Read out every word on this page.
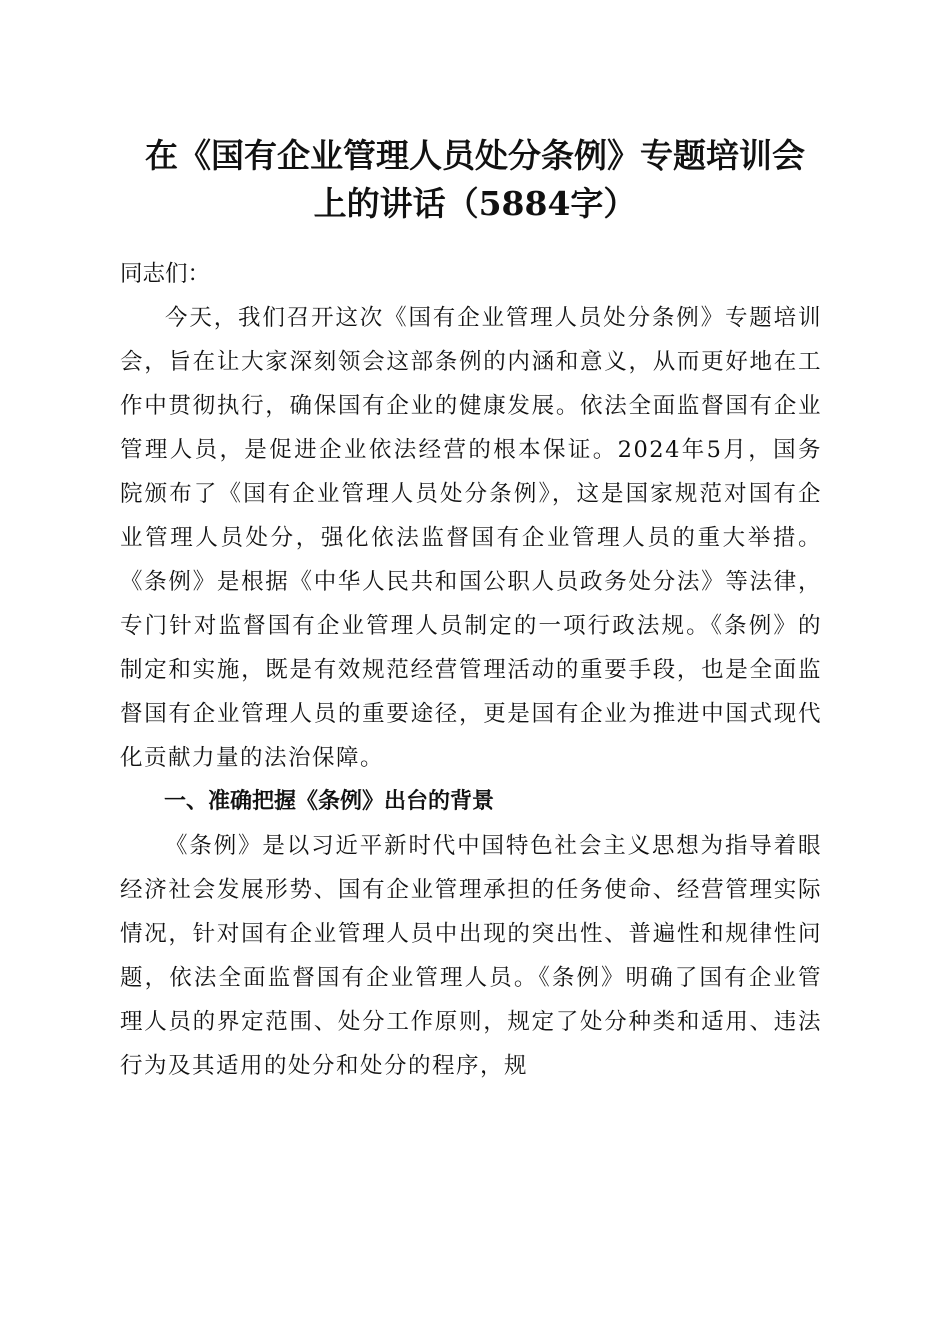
在《国有企业管理人员处分条例》专题培训会
上的讲话（5884字）

同志们：

今天，我们召开这次《国有企业管理人员处分条例》专题培训会，旨在让大家深刻领会这部条例的内涵和意义，从而更好地在工作中贯彻执行，确保国有企业的健康发展。依法全面监督国有企业管理人员，是促进企业依法经营的根本保证。2024年5月，国务院颁布了《国有企业管理人员处分条例》，这是国家规范对国有企业管理人员处分，强化依法监督国有企业管理人员的重大举措。《条例》是根据《中华人民共和国公职人员政务处分法》等法律，专门针对监督国有企业管理人员制定的一项行政法规。《条例》的制定和实施，既是有效规范经营管理活动的重要手段，也是全面监督国有企业管理人员的重要途径，更是国有企业为推进中国式现代化贡献力量的法治保障。

一、准确把握《条例》出台的背景

《条例》是以习近平新时代中国特色社会主义思想为指导着眼经济社会发展形势、国有企业管理承担的任务使命、经营管理实际情况，针对国有企业管理人员中出现的突出性、普遍性和规律性问题，依法全面监督国有企业管理人员。《条例》明确了国有企业管理人员的界定范围、处分工作原则，规定了处分种类和适用、违法行为及其适用的处分和处分的程序，规
